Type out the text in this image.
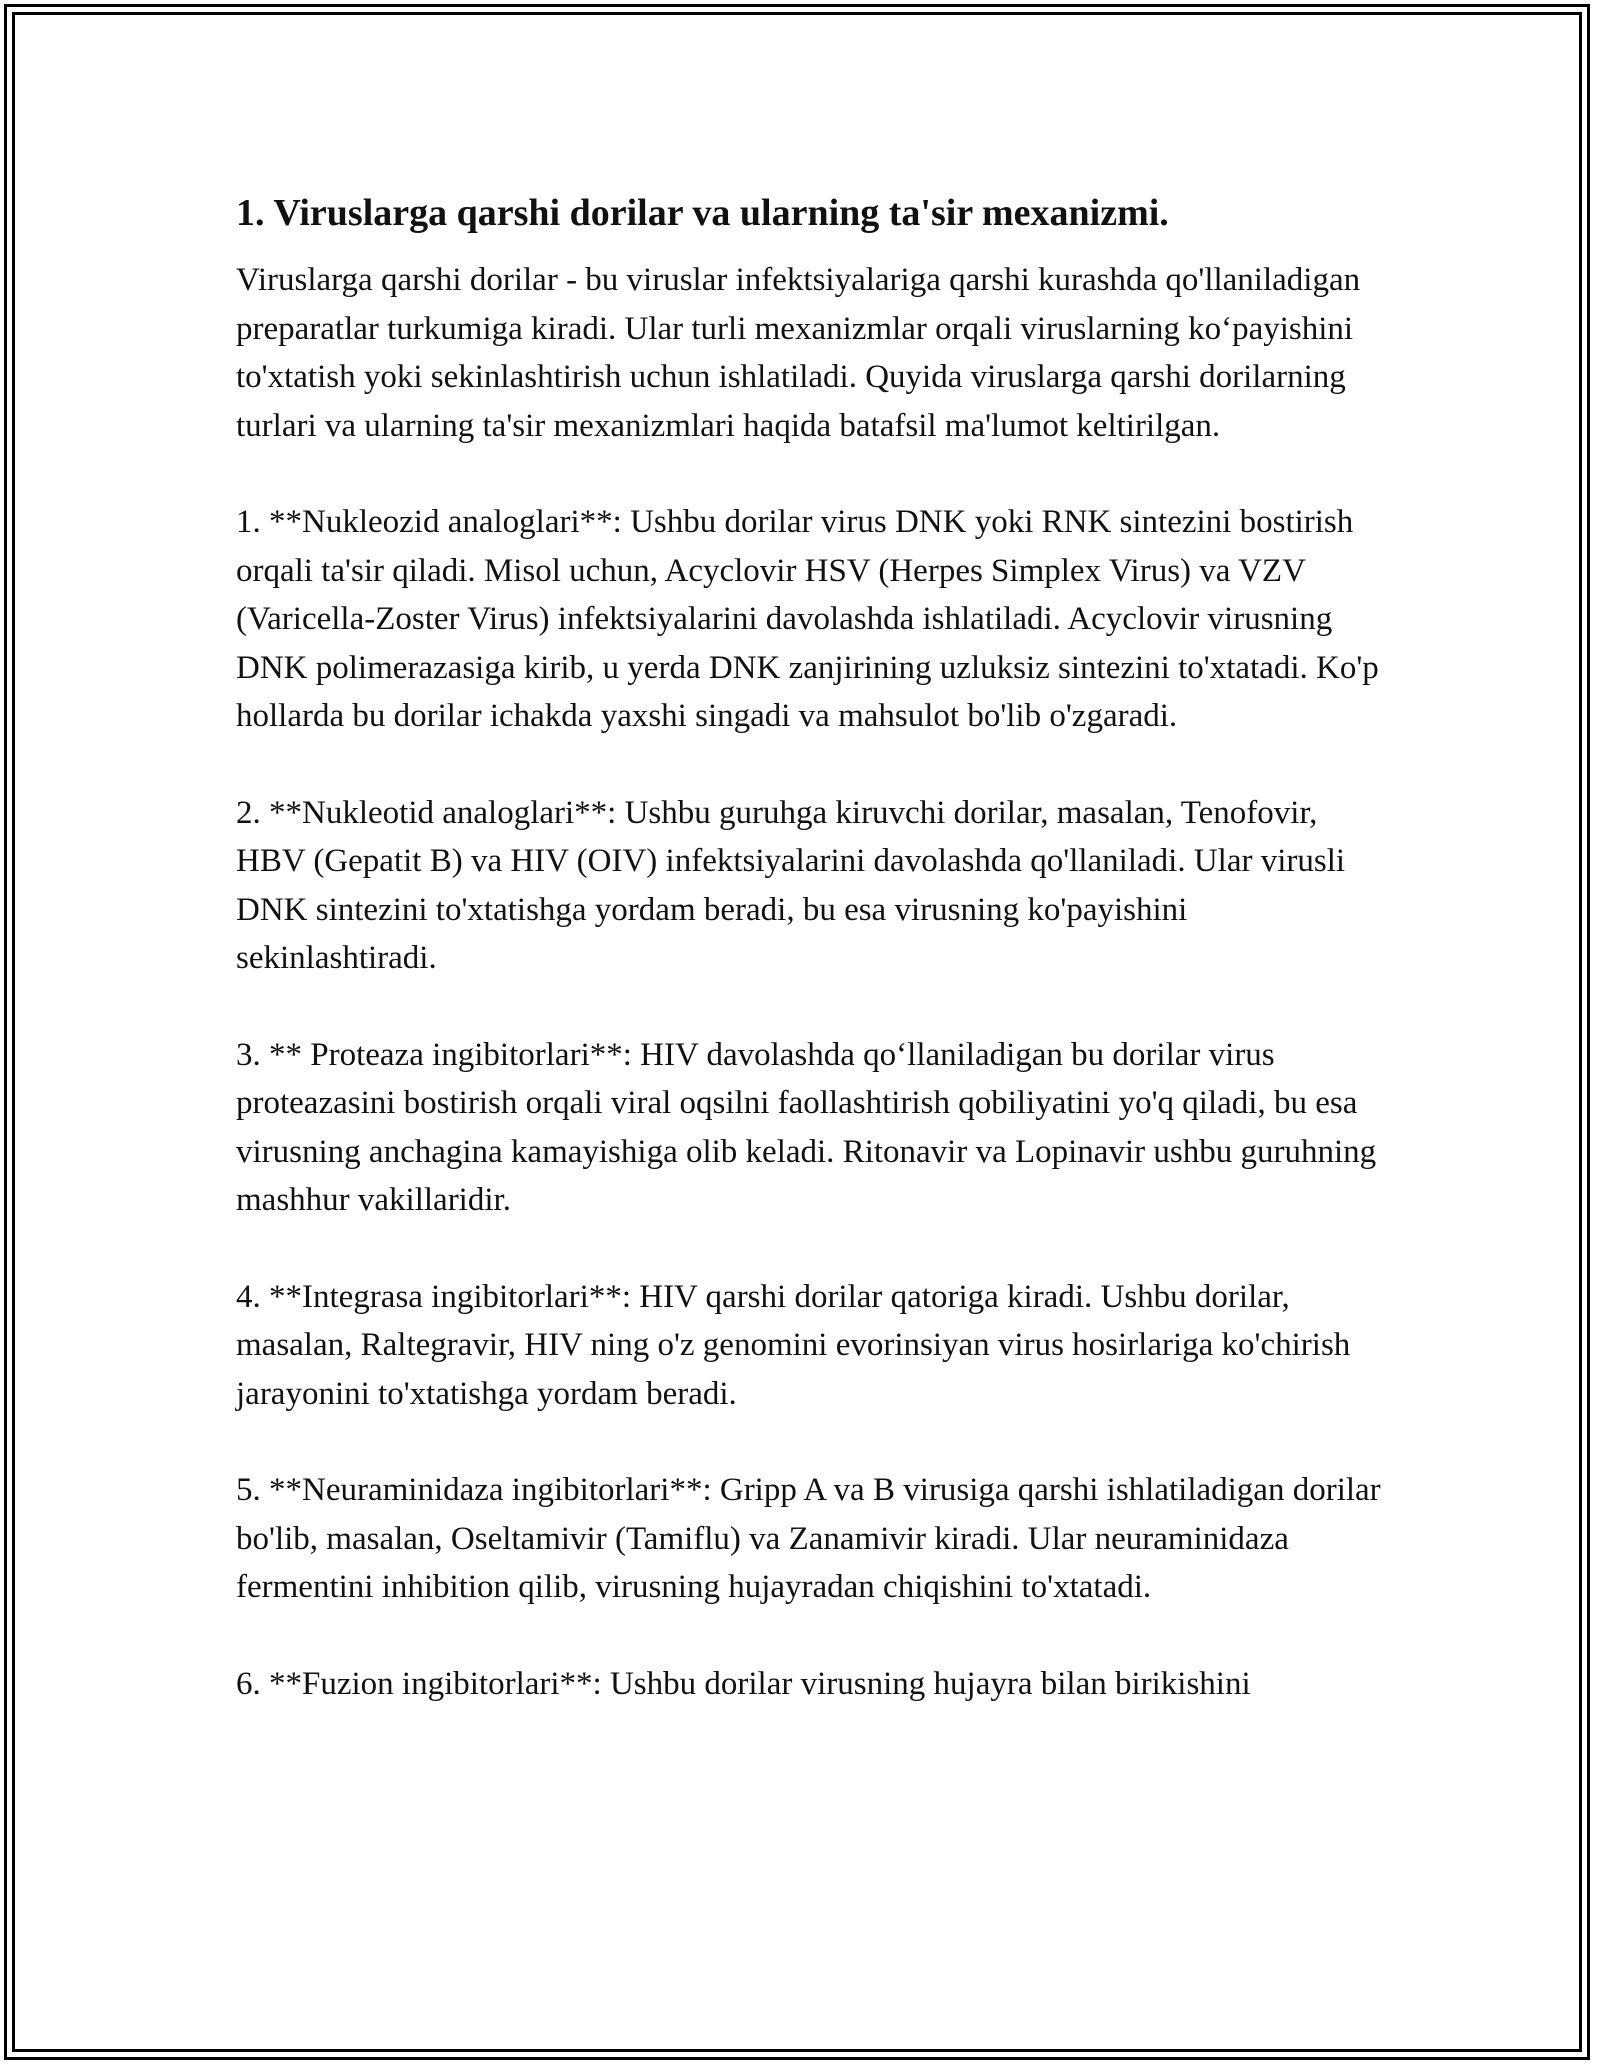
1. Viruslarga qarshi dorilar va ularning ta'sir mexanizmi.

Viruslarga qarshi dorilar - bu viruslar infektsiyalariga qarshi kurashda qo'llaniladigan preparatlar turkumiga kiradi. Ular turli mexanizmlar orqali viruslarning ko‘payishini to'xtatish yoki sekinlashtirish uchun ishlatiladi. Quyida viruslarga qarshi dorilarning turlari va ularning ta'sir mexanizmlari haqida batafsil ma'lumot keltirilgan.

1. **Nukleozid analoglari**: Ushbu dorilar virus DNK yoki RNK sintezini bostirish orqali ta'sir qiladi. Misol uchun, Acyclovir HSV (Herpes Simplex Virus) va VZV (Varicella-Zoster Virus) infektsiyalarini davolashda ishlatiladi. Acyclovir virusning DNK polimerazasiga kirib, u yerda DNK zanjirining uzluksiz sintezini to'xtatadi. Ko'p hollarda bu dorilar ichakda yaxshi singadi va mahsulot bo'lib o'zgaradi.

2. **Nukleotid analoglari**: Ushbu guruhga kiruvchi dorilar, masalan, Tenofovir, HBV (Gepatit B) va HIV (OIV) infektsiyalarini davolashda qo'llaniladi. Ular virusli DNK sintezini to'xtatishga yordam beradi, bu esa virusning ko'payishini sekinlashtiradi.

3. ** Proteaza ingibitorlari**: HIV davolashda qo‘llaniladigan bu dorilar virus proteazasini bostirish orqali viral oqsilni faollashtirish qobiliyatini yo'q qiladi, bu esa virusning anchagina kamayishiga olib keladi. Ritonavir va Lopinavir ushbu guruhning mashhur vakillaridir.

4. **Integrasa ingibitorlari**: HIV qarshi dorilar qatoriga kiradi. Ushbu dorilar, masalan, Raltegravir, HIV ning o'z genomini evorinsiyan virus hosirlariga ko'chirish jarayonini to'xtatishga yordam beradi.

5. **Neuraminidaza ingibitorlari**: Gripp A va B virusiga qarshi ishlatiladigan dorilar bo'lib, masalan, Oseltamivir (Tamiflu) va Zanamivir kiradi. Ular neuraminidaza fermentini inhibition qilib, virusning hujayradan chiqishini to'xtatadi.

6. **Fuzion ingibitorlari**: Ushbu dorilar virusning hujayra bilan birikishini
